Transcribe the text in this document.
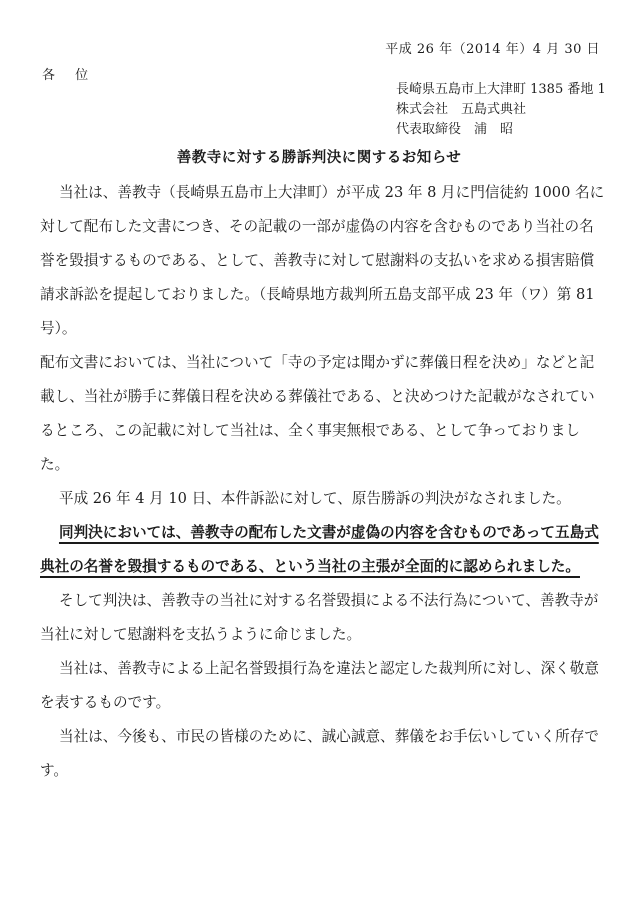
平成 26 年（2014 年）4 月 30 日
各 位
長崎県五島市上大津町 1385 番地 1
株式会社　五島式典社
代表取締役　浦　昭
善教寺に対する勝訴判決に関するお知らせ

当社は、善教寺（長崎県五島市上大津町）が平成 23 年 8 月に門信徒約 1000 名に対して配布した文書につき、その記載の一部が虚偽の内容を含むものであり当社の名誉を毀損するものである、として、善教寺に対して慰謝料の支払いを求める損害賠償請求訴訟を提起しておりました。（長崎県地方裁判所五島支部平成 23 年（ワ）第 81 号）。

配布文書においては、当社について「寺の予定は聞かずに葬儀日程を決め」などと記載し、当社が勝手に葬儀日程を決める葬儀社である、と決めつけた記載がなされているところ、この記載に対して当社は、全く事実無根である、として争っておりました。

平成 26 年 4 月 10 日、本件訴訟に対して、原告勝訴の判決がなされました。

同判決においては、善教寺の配布した文書が虚偽の内容を含むものであって五島式典社の名誉を毀損するものである、という当社の主張が全面的に認められました。

そして判決は、善教寺の当社に対する名誉毀損による不法行為について、善教寺が当社に対して慰謝料を支払うように命じました。

当社は、善教寺による上記名誉毀損行為を違法と認定した裁判所に対し、深く敬意を表するものです。

当社は、今後も、市民の皆様のために、誠心誠意、葬儀をお手伝いしていく所存です。
